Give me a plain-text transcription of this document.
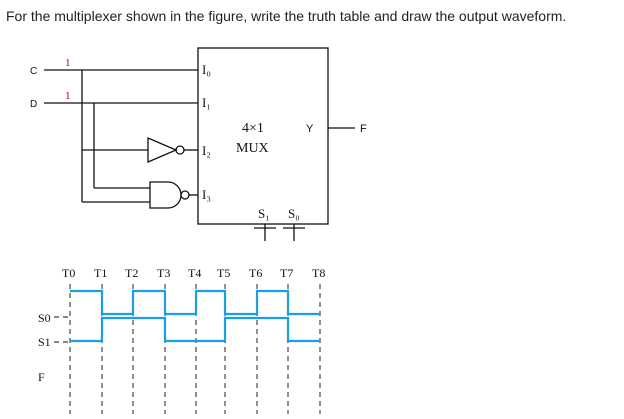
For the multiplexer shown in the figure, write the truth table and draw the output waveform.
C
1
D
1
I₀
I₁
I₂
I₃
4×1
MUX
Y	F
S₁ S₀
T0 T1 T2 T3 T4 T5 T6 T7 T8
S0
S1
F
